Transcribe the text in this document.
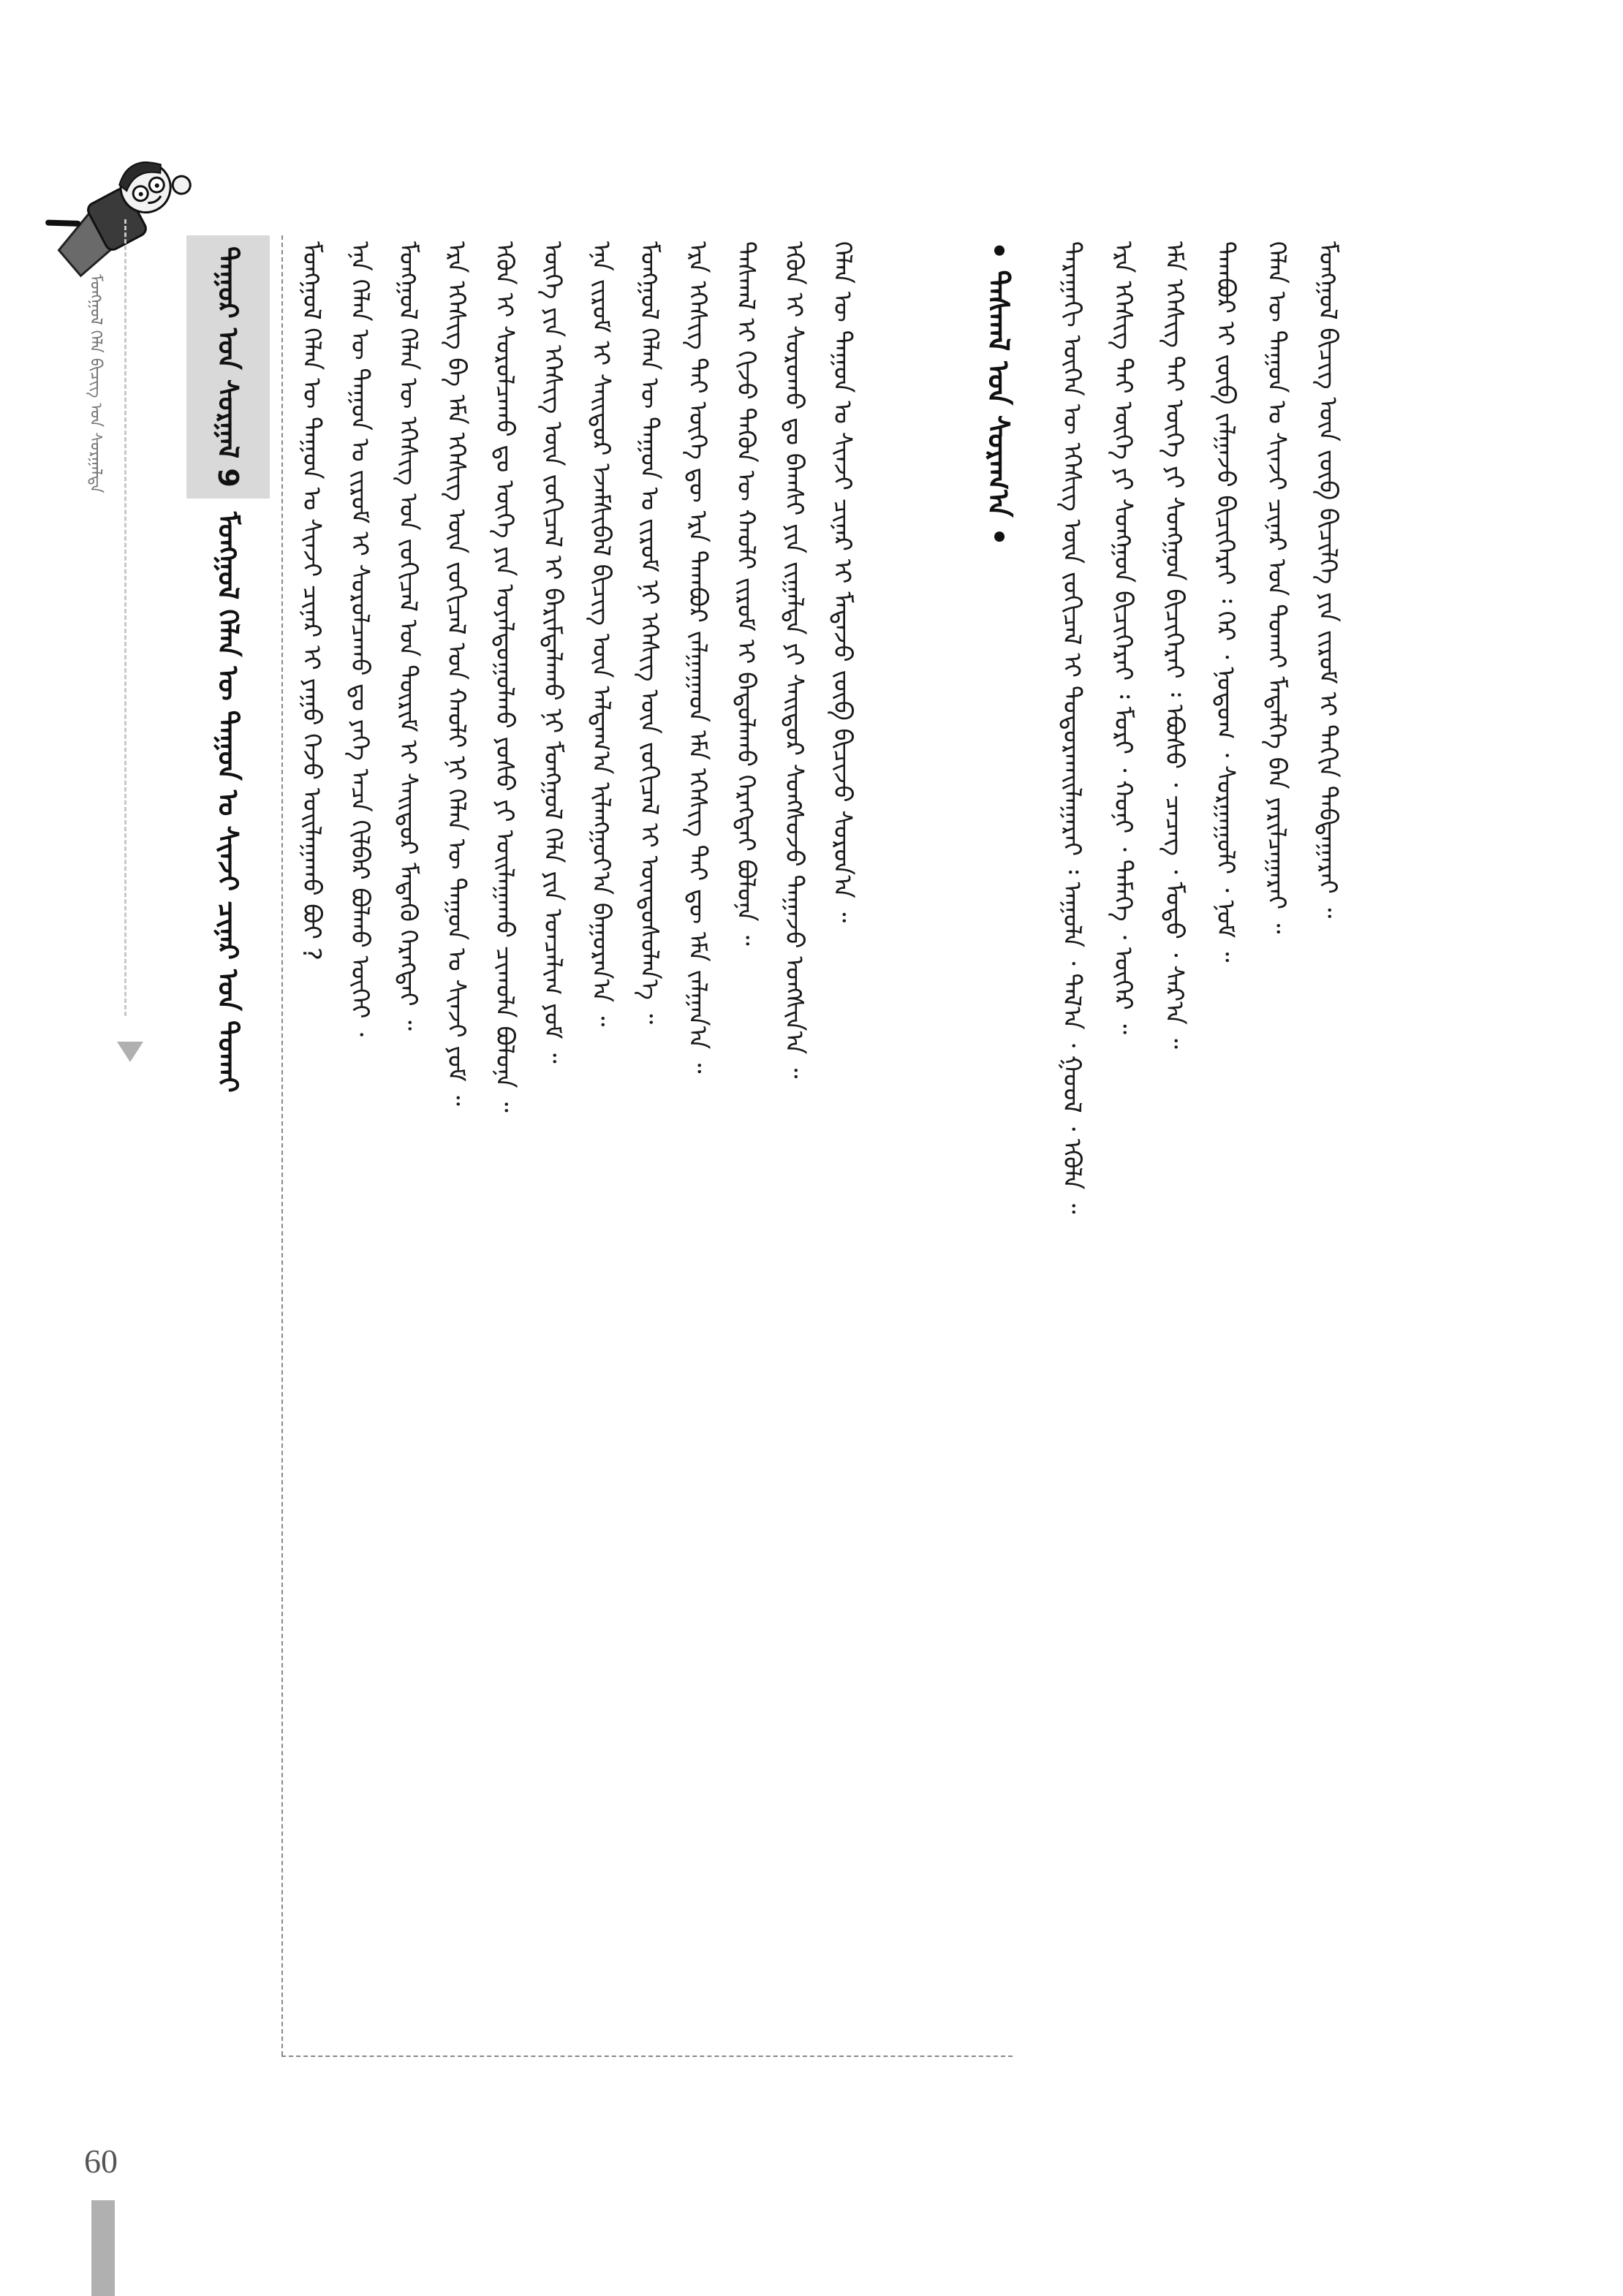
ᠮᠣᠩᠭᠣᠯ ᠬᠡᠯᠡ ᠪᠢᠴᠢᠭ ᠤᠨ ᠰᠤᠷᠭᠠᠯᠲᠠ	ᠳᠠᠭᠤᠷ ᠤᠨ ᠰᠤᠷᠭᠠᠯ 9
ᠮᠣᠩᠭᠣᠯ ᠬᠡᠯᠡᠨ ᠦ ᠳᠠᠭᠤᠨ ᠤ ᠰᠢᠨᠵᠢ ᠴᠢᠨᠠᠷ ᠤᠨ ᠲᠤᠬᠠᠢ	ᠮᠣᠩᠭᠣᠯ ᠬᠡᠯᠡᠨ ᠦ ᠳᠠᠭᠤᠨ ᠤ ᠰᠢᠨᠵᠢ ᠴᠢᠨᠠᠷ ᠢ ᠶᠠᠭᠤ ᠭᠡᠵᠦ ᠣᠢᠯᠠᠭᠠᠬᠤ ᠪᠤᠢ ? ᠡᠨᠡ ᠬᠡᠯᠡᠨ ᠦ ᠳᠠᠭᠤᠨ ᠤ ᠵᠢᠷᠤᠮ ᠢ ᠰᠤᠷᠤᠯᠴᠠᠬᠤ ᠳᠤ ᠶᠡᠬᠡ ᠠᠴᠠ ᠬᠢᠯᠪᠠᠷ ᠪᠣᠯᠬᠤ ᠦᠭᠡᠢ ᠂ ᠮᠣᠩᠭᠣᠯ ᠬᠡᠯᠡᠨ ᠦ ᠡᠭᠡᠰᠢᠭ ᠤᠨ ᠵᠣᠬᠢᠴᠠᠯ ᠤᠨ ᠳᠦᠷᠢᠮ ᠢ ᠰᠠᠢᠲᠤᠷ ᠮᠡᠳᠡᠬᠦ ᠬᠡᠷᠡᠭᠲᠡᠢ ᠃ ᠡᠷᠡ ᠡᠭᠡᠰᠢᠭ ᠪᠠ ᠡᠮᠡ ᠡᠭᠡᠰᠢᠭ ᠦᠨ ᠵᠣᠬᠢᠴᠠᠯ ᠤᠨ ᠬᠠᠤᠯᠢ ᠨᠢ ᠬᠡᠯᠡᠨ ᠦ ᠳᠠᠭᠤᠨ ᠤ ᠰᠢᠨᠵᠢ ᠶᠤᠮ ᠃ ᠡᠭᠦᠨ ᠢ ᠰᠤᠷᠤᠯᠴᠠᠬᠤ ᠳᠤ ᠦᠭᠡ ᠶᠢᠨ ᠤᠶᠠᠯᠳᠤᠭᠤᠯᠬᠤ ᠶᠣᠰᠤ ᠶᠢ ᠣᠢᠯᠠᠭᠠᠬᠤ ᠴᠢᠬᠤᠯᠠ ᠪᠣᠯᠤᠨᠠ ᠃ ᠦᠭᠡ ᠶᠢᠨ ᠡᠭᠡᠰᠢᠭ ᠦᠨ ᠵᠣᠬᠢᠴᠠᠯ ᠢ ᠪᠠᠷᠢᠮᠲᠠᠯᠠᠬᠤ ᠨᠢ ᠮᠣᠩᠭᠣᠯ ᠬᠡᠯᠡ ᠶᠢᠨ ᠣᠨᠴᠠᠯᠢᠭ ᠶᠤᠮ ᠃ ᠡᠨᠡ ᠵᠢᠷᠤᠮ ᠢ ᠰᠠᠢᠲᠤᠷ ᠡᠵᠡᠮᠰᠢᠪᠡᠯ ᠪᠢᠴᠢᠭ ᠦᠨ ᠠᠯᠳᠠᠭ᠎ᠠ ᠢᠯᠠᠩᠭᠤᠶ᠎ᠠ ᠪᠠᠭᠤᠷᠠᠨ᠎ᠠ ᠃ ᠮᠣᠩᠭᠣᠯ ᠬᠡᠯᠡᠨ ᠦ ᠳᠠᠭᠤᠨ ᠤ ᠵᠢᠷᠤᠮ ᠨᠢ ᠡᠭᠡᠰᠢᠭ ᠦᠨ ᠵᠣᠬᠢᠴᠠᠯ ᠢ ᠦᠨᠳᠦᠰᠦᠯᠡᠨ᠎ᠡ ᠃ ᠡᠷᠡ ᠡᠭᠡᠰᠢᠭ ᠲᠡᠢ ᠦᠭᠡ ᠳᠦ ᠡᠷᠡ ᠳᠠᠭᠪᠤᠷ ᠵᠠᠯᠭᠠᠭᠠᠳ ᠡᠮᠡ ᠡᠭᠡᠰᠢᠭ ᠲᠡᠢ ᠳᠦ ᠡᠮᠡ ᠵᠠᠯᠭᠠᠨ᠎ᠠ ᠃ ᠳᠠᠰᠬᠠᠯ ᠢ ᠬᠢᠵᠦ ᠲᠡᠭᠦᠨ ᠦ ᠬᠠᠤᠯᠢ ᠵᠢᠷᠤᠮ ᠢ ᠪᠠᠲᠤᠯᠠᠬᠤ ᠬᠡᠷᠡᠭᠲᠡᠢ ᠪᠣᠯᠤᠨᠠ ᠃ ᠡᠭᠦᠨ ᠢ ᠰᠤᠷᠤᠬᠤ ᠳᠤ ᠪᠠᠭᠰᠢ ᠶᠢᠨ ᠵᠢᠭᠠᠯᠲᠠ ᠶᠢ ᠰᠠᠢᠲᠤᠷ ᠰᠣᠩᠰᠣᠵᠤ ᠳᠠᠭᠠᠵᠤ ᠤᠩᠰᠢᠨ᠎ᠠ ᠃ ᠬᠡᠯᠡᠨ ᠦ ᠳᠠᠭᠤᠨ ᠤ ᠰᠢᠨᠵᠢ ᠴᠢᠨᠠᠷ ᠢ ᠮᠡᠳᠡᠵᠦ ᠵᠦᠪ ᠪᠢᠴᠢᠵᠦ ᠰᠤᠷᠤᠨ᠎ᠠ ᠃	• ᠳᠠᠰᠬᠠᠯ ᠤᠨ ᠰᠤᠷᠠᠭ᠎ᠠ •	ᠳᠠᠷᠠᠭᠠᠬᠢ ᠦᠭᠡᠨ ᠦ ᠡᠭᠡᠰᠢᠭ ᠦᠨ ᠵᠣᠬᠢᠴᠠᠯ ᠢ ᠲᠣᠳᠤᠷᠬᠠᠢᠯᠠᠭᠠᠷᠠᠢ ᠄ ᠠᠭᠤᠯᠠ ᠂ ᠲᠠᠯ᠎ᠠ ᠂ ᠭᠣᠣᠯ ᠂ ᠡᠭᠦᠯᠡ ᠃ ᠡᠷᠡ ᠡᠭᠡᠰᠢᠭ ᠲᠡᠢ ᠦᠭᠡ ᠶᠢ ᠰᠣᠩᠭᠣᠨ ᠪᠢᠴᠢᠭᠡᠷᠡᠢ ᠄ ᠮᠣᠷᠢ ᠂ ᠬᠣᠨᠢ ᠂ ᠲᠡᠮᠡᠭᠡ ᠂ ᠦᠬᠡᠷ ᠃ ᠡᠮᠡ ᠡᠭᠡᠰᠢᠭ ᠲᠡᠢ ᠦᠭᠡ ᠶᠢ ᠰᠣᠩᠭᠣᠨ ᠪᠢᠴᠢᠭᠡᠷᠡᠢ ᠄ ᠡᠪᠦᠰᠦ ᠂ ᠴᠡᠴᠡᠭ ᠂ ᠮᠣᠳᠣ ᠂ ᠰᠠᠷ᠎ᠠ ᠃ ᠳᠠᠭᠪᠤᠷ ᠢ ᠵᠦᠪ ᠵᠠᠯᠭᠠᠵᠤ ᠪᠢᠴᠢᠭᠡᠷᠡᠢ ᠄ ᠭᠡᠷ ᠂ ᠨᠤᠲᠤᠭ ᠂ ᠰᠤᠷᠭᠠᠭᠤᠯᠢ ᠂ ᠨᠣᠮ ᠃ ᠬᠡᠯᠡᠨ ᠦ ᠳᠠᠭᠤᠨ ᠤ ᠰᠢᠨᠵᠢ ᠴᠢᠨᠠᠷ ᠤᠨ ᠲᠤᠬᠠᠢ ᠮᠡᠳᠡᠯᠭᠡ ᠪᠡᠨ ᠶᠠᠷᠢᠯᠴᠠᠭᠠᠷᠠᠢ ᠃ ᠮᠣᠩᠭᠣᠯ ᠪᠢᠴᠢᠭ ᠦᠨ ᠵᠦᠪ ᠪᠢᠴᠢᠯᠭᠡ ᠶᠢᠨ ᠵᠢᠷᠤᠮ ᠢ ᠳᠠᠬᠢᠨ ᠳᠠᠪᠲᠠᠭᠠᠷᠠᠢ ᠃
60
